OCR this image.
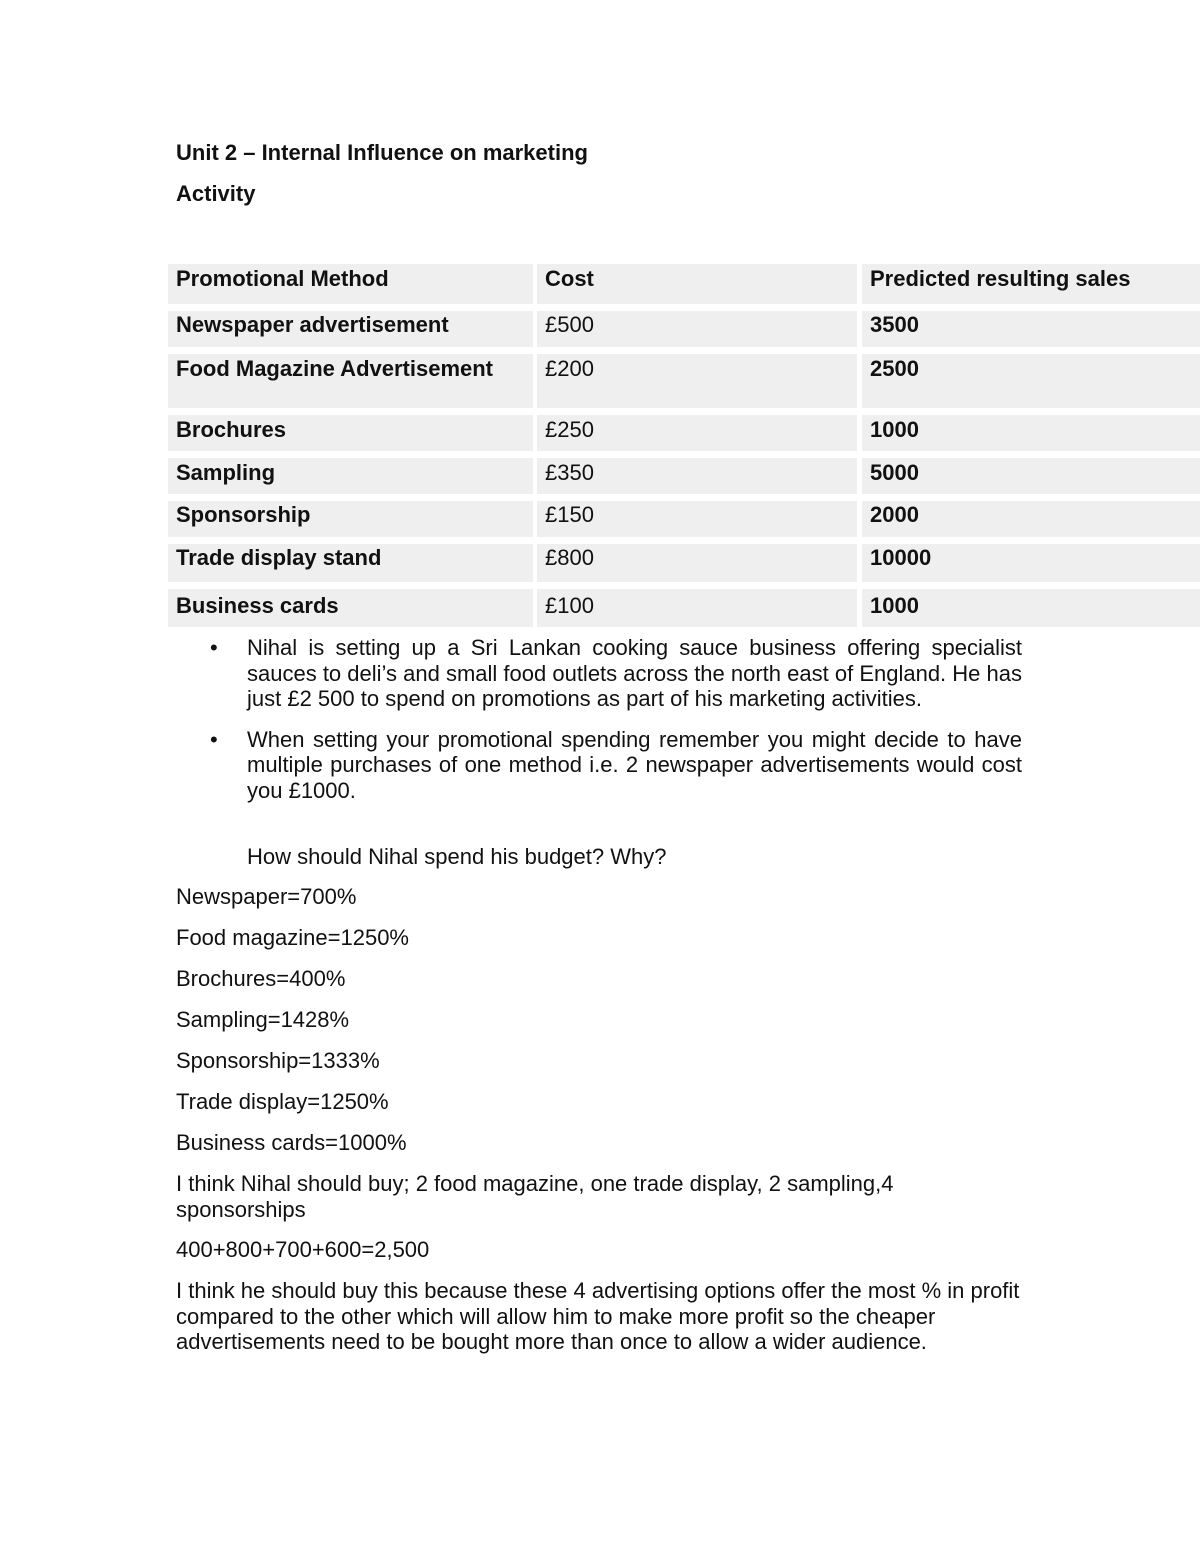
Unit 2 – Internal Influence on marketing
Activity
Promotional Method	Cost	Predicted resulting sales
Newspaper advertisement	£500	3500
Food Magazine Advertisement	£200	2500
Brochures	£250	1000
Sampling	£350	5000
Sponsorship	£150	2000
Trade display stand	£800	10000
Business cards	£100	1000
• Nihal is setting up a Sri Lankan cooking sauce business offering specialist sauces to deli’s and small food outlets across the north east of England. He has just £2 500 to spend on promotions as part of his marketing activities.
• When setting your promotional spending remember you might decide to have multiple purchases of one method i.e. 2 newspaper advertisements would cost you £1000.

How should Nihal spend his budget? Why?

Newspaper=700%

Food magazine=1250%

Brochures=400%

Sampling=1428%

Sponsorship=1333%

Trade display=1250%

Business cards=1000%

I think Nihal should buy; 2 food magazine, one trade display, 2 sampling,4 sponsorships

400+800+700+600=2,500

I think he should buy this because these 4 advertising options offer the most % in profit compared to the other which will allow him to make more profit so the cheaper advertisements need to be bought more than once to allow a wider audience.
